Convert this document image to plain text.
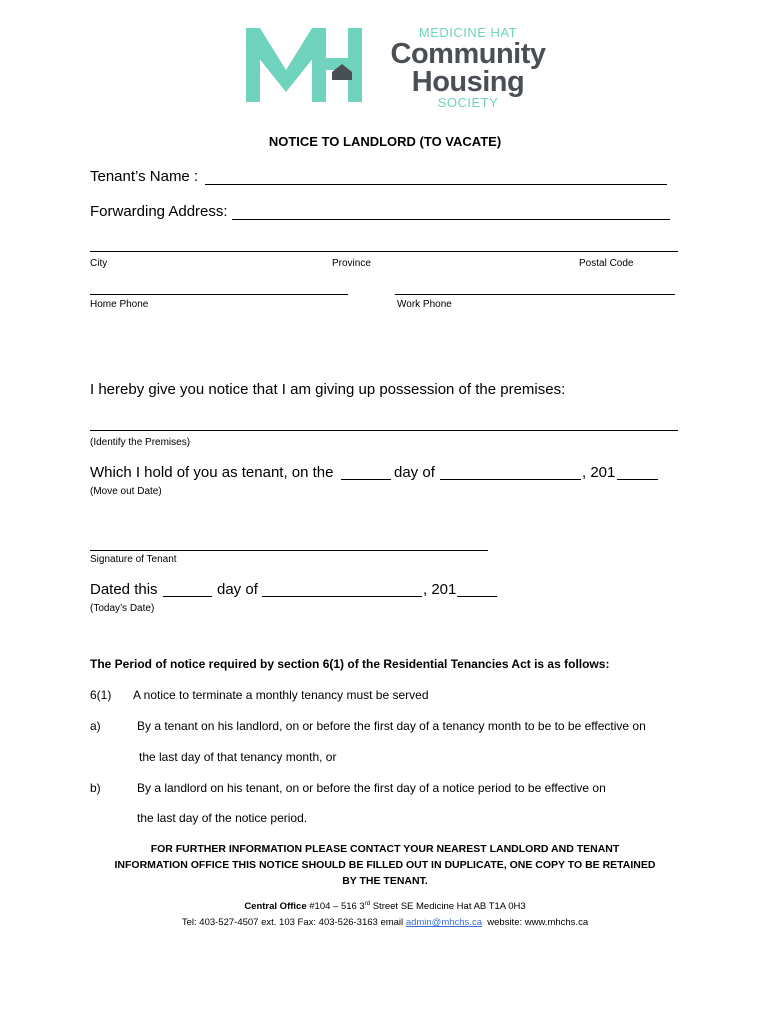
MEDICINE HAT
Community
Housing
SOCIETY
NOTICE TO LANDLORD (TO VACATE)
Tenant’s Name :
Forwarding Address:
City	Province	Postal Code
Home Phone	Work Phone
I hereby give you notice that I am giving up possession of the premises:
(Identify the Premises)
Which I hold of you as tenant, on the	day of	, 201
(Move out Date)
Signature of Tenant
Dated this	day of	, 201
(Today’s Date)
The Period of notice required by section 6(1) of the Residential Tenancies Act is as follows:
6(1) A notice to terminate a monthly tenancy must be served
a)	By a tenant on his landlord, on or before the first day of a tenancy month to be to be effective on
the last day of that tenancy month, or
b)	By a landlord on his tenant, on or before the first day of a notice period to be effective on
the last day of the notice period.
FOR FURTHER INFORMATION PLEASE CONTACT YOUR NEAREST LANDLORD AND TENANT
INFORMATION OFFICE THIS NOTICE SHOULD BE FILLED OUT IN DUPLICATE, ONE COPY TO BE RETAINED
BY THE TENANT.
Central Office #104 – 516 3rd Street SE Medicine Hat AB T1A 0H3
Tel: 403-527-4507 ext. 103 Fax: 403-526-3163 email admin@mhchs.ca  website: www.mhchs.ca
